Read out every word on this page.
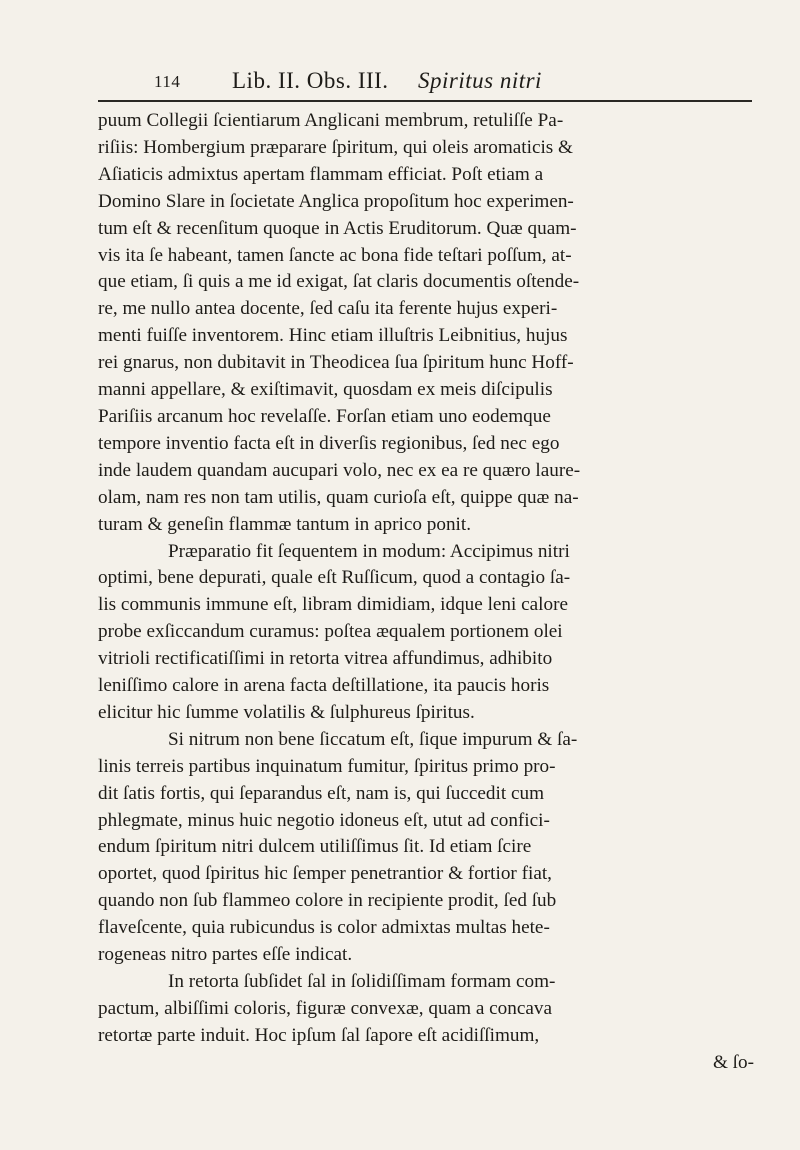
114 Lib. II. Obs. III. Spiritus nitri
puum Collegii ſcientiarum Anglicani membrum, retuliſſe Pa-
riſiis: Hombergium præparare ſpiritum, qui oleis aromaticis &
Aſiaticis admixtus apertam flammam efficiat. Poſt etiam a
Domino Slare in ſocietate Anglica propoſitum hoc experimen-
tum eſt & recenſitum quoque in Actis Eruditorum. Quæ quam-
vis ita ſe habeant, tamen ſancte ac bona fide teſtari poſſum, at-
que etiam, ſi quis a me id exigat, ſat claris documentis oſtende-
re, me nullo antea docente, ſed caſu ita ferente hujus experi-
menti fuiſſe inventorem. Hinc etiam illuſtris Leibnitius, hujus
rei gnarus, non dubitavit in Theodicea ſua ſpiritum hunc Hoff-
manni appellare, & exiſtimavit, quosdam ex meis diſcipulis
Pariſiis arcanum hoc revelaſſe. Forſan etiam uno eodemque
tempore inventio facta eſt in diverſis regionibus, ſed nec ego
inde laudem quandam aucupari volo, nec ex ea re quæro laure-
olam, nam res non tam utilis, quam curioſa eſt, quippe quæ na-
turam & geneſin flammæ tantum in aprico ponit.
Præparatio fit ſequentem in modum: Accipimus nitri
optimi, bene depurati, quale eſt Ruſſicum, quod a contagio ſa-
lis communis immune eſt, libram dimidiam, idque leni calore
probe exſiccandum curamus: poſtea æqualem portionem olei
vitrioli rectificatiſſimi in retorta vitrea affundimus, adhibito
leniſſimo calore in arena facta deſtillatione, ita paucis horis
elicitur hic ſumme volatilis & ſulphureus ſpiritus.
Si nitrum non bene ſiccatum eſt, ſique impurum & ſa-
linis terreis partibus inquinatum fumitur, ſpiritus primo pro-
dit ſatis fortis, qui ſeparandus eſt, nam is, qui ſuccedit cum
phlegmate, minus huic negotio idoneus eſt, utut ad confici-
endum ſpiritum nitri dulcem utiliſſimus ſit. Id etiam ſcire
oportet, quod ſpiritus hic ſemper penetrantior & fortior fiat,
quando non ſub flammeo colore in recipiente prodit, ſed ſub
flaveſcente, quia rubicundus is color admixtas multas hete-
rogeneas nitro partes eſſe indicat.
In retorta ſubſidet ſal in ſolidiſſimam formam com-
pactum, albiſſimi coloris, figuræ convexæ, quam a concava
retortæ parte induit. Hoc ipſum ſal ſapore eſt acidiſſimum,
& ſo-
